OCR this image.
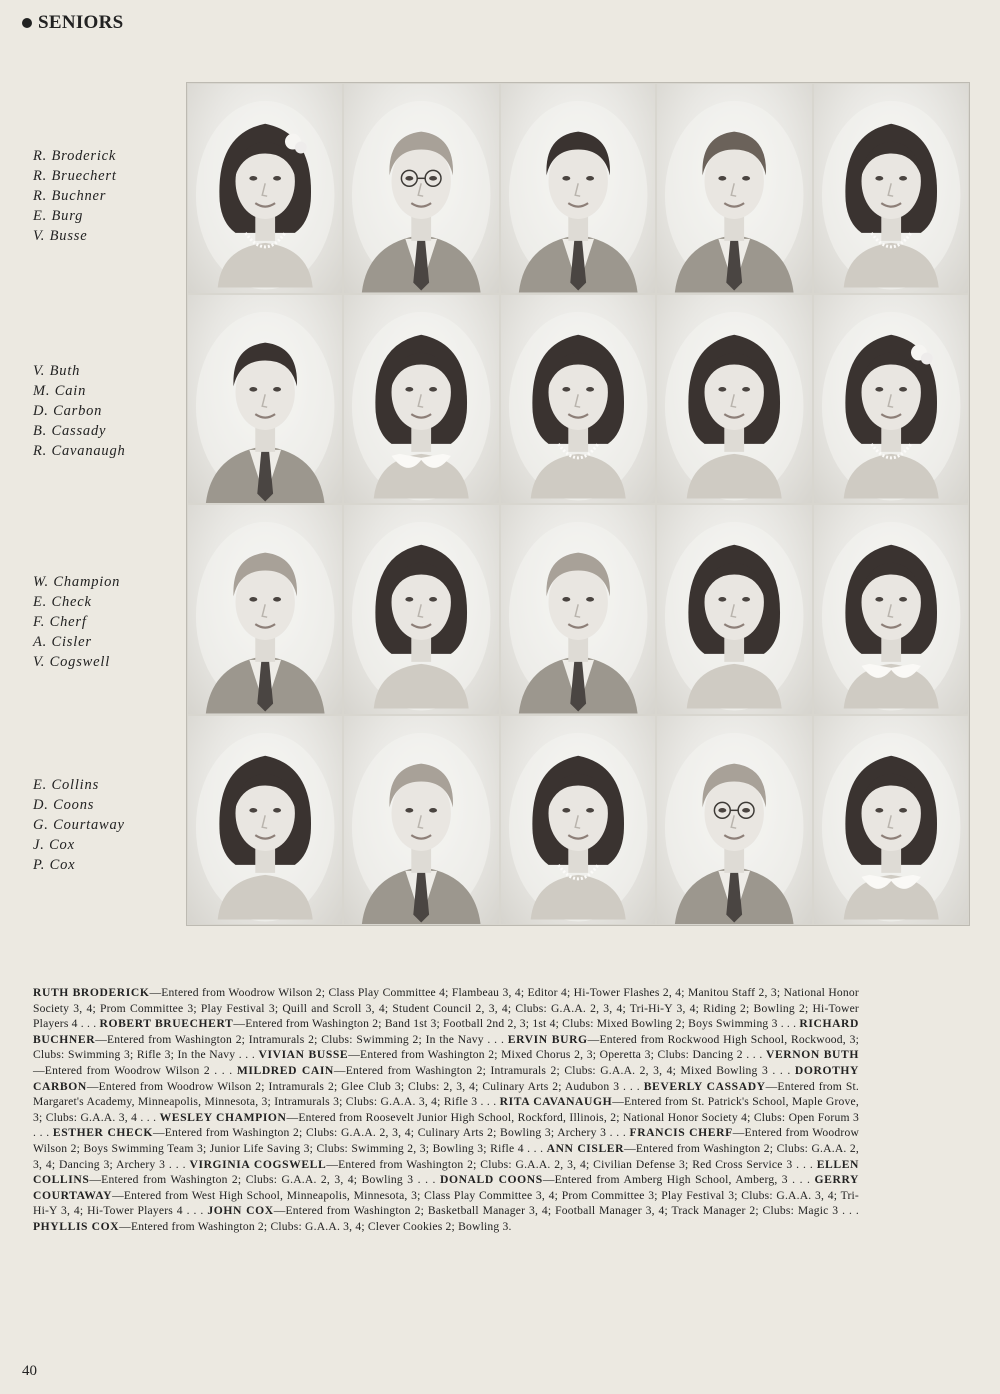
SENIORS
R. Broderick
R. Bruechert
R. Buchner
E. Burg
V. Busse
V. Buth
M. Cain
D. Carbon
B. Cassady
R. Cavanaugh
W. Champion
E. Check
F. Cherf
A. Cisler
V. Cogswell
E. Collins
D. Coons
G. Courtaway
J. Cox
P. Cox

RUTH BRODERICK—Entered from Woodrow Wilson 2; Class Play Committee 4; Flambeau 3, 4; Editor 4; Hi-Tower Flashes 2, 4; Manitou Staff 2, 3; National Honor Society 3, 4; Prom Committee 3; Play Festival 3; Quill and Scroll 3, 4; Student Council 2, 3, 4; Clubs: G.A.A. 2, 3, 4; Tri-Hi-Y 3, 4; Riding 2; Bowling 2; Hi-Tower Players 4 . . . ROBERT BRUECHERT—Entered from Washington 2; Band 1st 3; Football 2nd 2, 3; 1st 4; Clubs: Mixed Bowling 2; Boys Swimming 3 . . . RICHARD BUCHNER—Entered from Washington 2; Intramurals 2; Clubs: Swimming 2; In the Navy . . . ERVIN BURG—Entered from Rockwood High School, Rockwood, 3; Clubs: Swimming 3; Rifle 3; In the Navy . . . VIVIAN BUSSE—Entered from Washington 2; Mixed Chorus 2, 3; Operetta 3; Clubs: Dancing 2 . . . VERNON BUTH—Entered from Woodrow Wilson 2 . . . MILDRED CAIN—Entered from Washington 2; Intramurals 2; Clubs: G.A.A. 2, 3, 4; Mixed Bowling 3 . . . DOROTHY CARBON—Entered from Woodrow Wilson 2; Intramurals 2; Glee Club 3; Clubs: 2, 3, 4; Culinary Arts 2; Audubon 3 . . . BEVERLY CASSADY—Entered from St. Margaret's Academy, Minneapolis, Minnesota, 3; Intramurals 3; Clubs: G.A.A. 3, 4; Rifle 3 . . . RITA CAVANAUGH—Entered from St. Patrick's School, Maple Grove, 3; Clubs: G.A.A. 3, 4 . . . WESLEY CHAMPION—Entered from Roosevelt Junior High School, Rockford, Illinois, 2; National Honor Society 4; Clubs: Open Forum 3 . . . ESTHER CHECK—Entered from Washington 2; Clubs: G.A.A. 2, 3, 4; Culinary Arts 2; Bowling 3; Archery 3 . . . FRANCIS CHERF—Entered from Woodrow Wilson 2; Boys Swimming Team 3; Junior Life Saving 3; Clubs: Swimming 2, 3; Bowling 3; Rifle 4 . . . ANN CISLER—Entered from Washington 2; Clubs: G.A.A. 2, 3, 4; Dancing 3; Archery 3 . . . VIRGINIA COGSWELL—Entered from Washington 2; Clubs: G.A.A. 2, 3, 4; Civilian Defense 3; Red Cross Service 3 . . . ELLEN COLLINS—Entered from Washington 2; Clubs: G.A.A. 2, 3, 4; Bowling 3 . . . DONALD COONS—Entered from Amberg High School, Amberg, 3 . . . GERRY COURTAWAY—Entered from West High School, Minneapolis, Minnesota, 3; Class Play Committee 3, 4; Prom Committee 3; Play Festival 3; Clubs: G.A.A. 3, 4; Tri-Hi-Y 3, 4; Hi-Tower Players 4 . . . JOHN COX—Entered from Washington 2; Basketball Manager 3, 4; Football Manager 3, 4; Track Manager 2; Clubs: Magic 3 . . . PHYLLIS COX—Entered from Washington 2; Clubs: G.A.A. 3, 4; Clever Cookies 2; Bowling 3.

40
